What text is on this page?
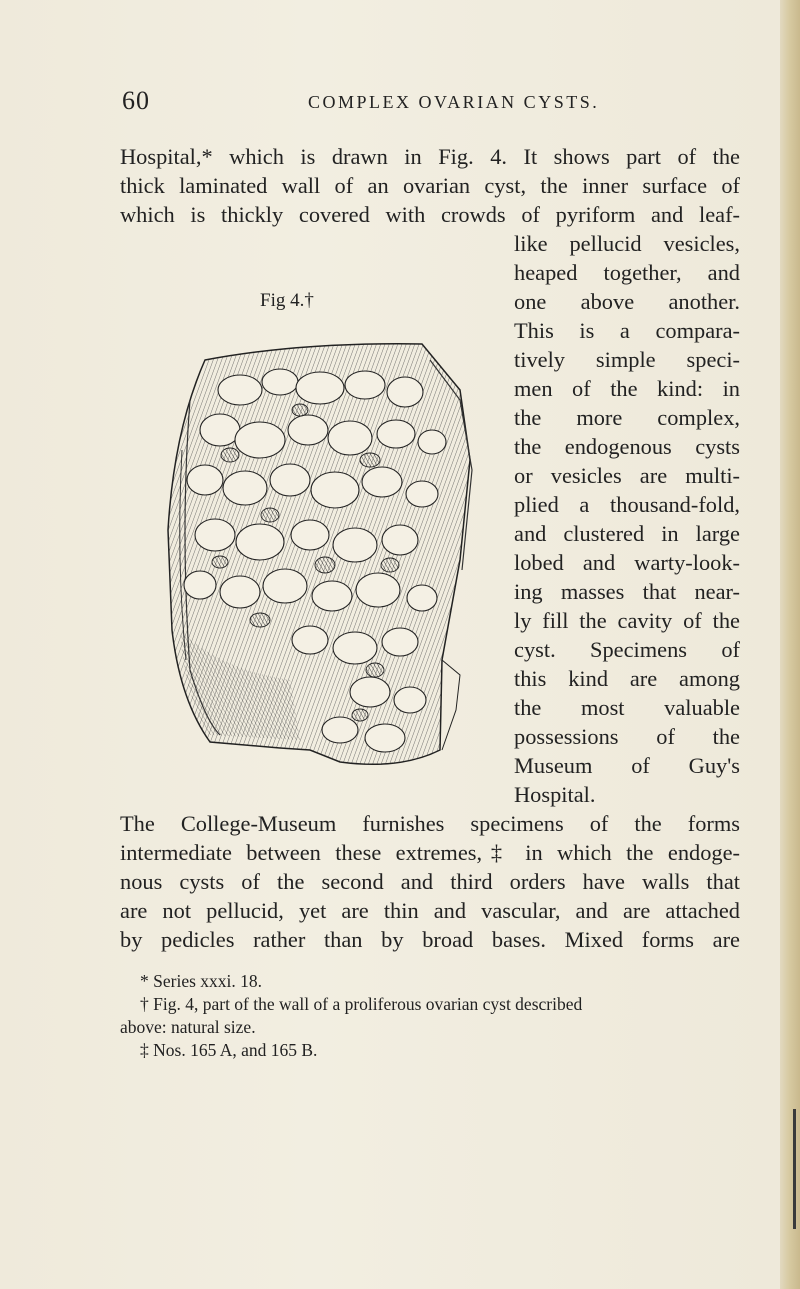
60	COMPLEX OVARIAN CYSTS.
Hospital,* which is drawn in Fig. 4. It shows part of the
thick laminated wall of an ovarian cyst, the inner surface of
which is thickly covered with crowds of pyriform and leaf-
Fig 4.†
like pellucid vesicles,
heaped together, and
one above another.
This is a compara-
tively simple speci-
men of the kind: in
the more complex,
the endogenous cysts
or vesicles are multi-
plied a thousand-fold,
and clustered in large
lobed and warty-look-
ing masses that near-
ly fill the cavity of the
cyst. Specimens of
this kind are among
the most valuable
possessions of the
Museum of Guy's
Hospital.
The College-Museum furnishes specimens of the forms
intermediate between these extremes,‡ in which the endoge-
nous cysts of the second and third orders have walls that
are not pellucid, yet are thin and vascular, and are attached
by pedicles rather than by broad bases. Mixed forms are
* Series xxxi. 18.
† Fig. 4, part of the wall of a proliferous ovarian cyst described
above: natural size.
‡ Nos. 165 A, and 165 B.
